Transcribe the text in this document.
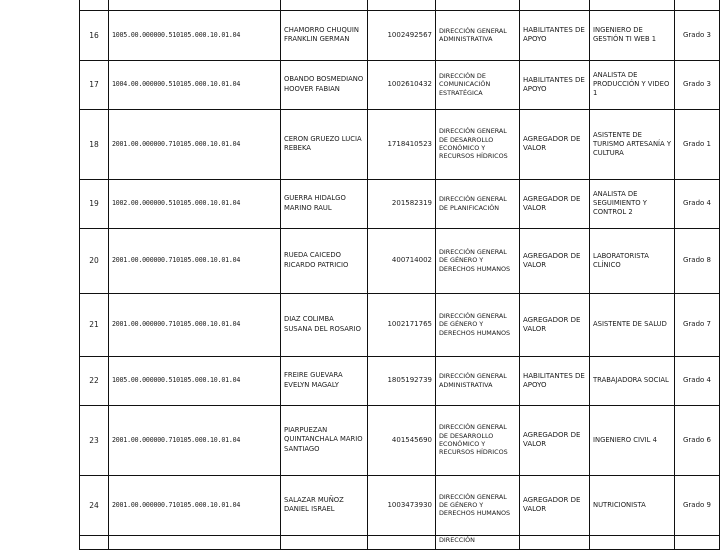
16	1005.00.000000.510105.000.10.01.04	CHAMORRO CHUQUIN FRANKLIN GERMAN	1002492567	DIRECCIÓN GENERAL ADMINISTRATIVA	HABILITANTES DE APOYO	INGENIERO DE GESTIÓN TI WEB 1	Grado 3
17	1004.00.000000.510105.000.10.01.04	OBANDO BOSMEDIANO HOOVER FABIAN	1002610432	DIRECCIÓN DE COMUNICACIÓN ESTRATÉGICA	HABILITANTES DE APOYO	ANALISTA DE PRODUCCIÓN Y VIDEO 1	Grado 3
18	2001.00.000000.710105.000.10.01.04	CERON GRUEZO LUCIA REBEKA	1718410523	DIRECCIÓN GENERAL DE DESARROLLO ECONÓMICO Y RECURSOS HÍDRICOS	AGREGADOR DE VALOR	ASISTENTE DE TURISMO ARTESANÍA Y CULTURA	Grado 1
19	1002.00.000000.510105.000.10.01.04	GUERRA HIDALGO MARINO RAUL	201582319	DIRECCIÓN GENERAL DE PLANIFICACIÓN	AGREGADOR DE VALOR	ANALISTA DE SEGUIMIENTO Y CONTROL 2	Grado 4
20	2001.00.000000.710105.000.10.01.04	RUEDA CAICEDO RICARDO PATRICIO	400714002	DIRECCIÓN GENERAL DE GÉNERO Y DERECHOS HUMANOS	AGREGADOR DE VALOR	LABORATORISTA CLÍNICO	Grado 8
21	2001.00.000000.710105.000.10.01.04	DIAZ COLIMBA SUSANA DEL ROSARIO	1002171765	DIRECCIÓN GENERAL DE GÉNERO Y DERECHOS HUMANOS	AGREGADOR DE VALOR	ASISTENTE DE SALUD	Grado 7
22	1005.00.000000.510105.000.10.01.04	FREIRE GUEVARA EVELYN MAGALY	1805192739	DIRECCIÓN GENERAL ADMINISTRATIVA	HABILITANTES DE APOYO	TRABAJADORA SOCIAL	Grado 4
23	2001.00.000000.710105.000.10.01.04	PIARPUEZAN QUINTANCHALA MARIO SANTIAGO	401545690	DIRECCIÓN GENERAL DE DESARROLLO ECONÓMICO Y RECURSOS HÍDRICOS	AGREGADOR DE VALOR	INGENIERO CIVIL 4	Grado 6
24	2001.00.000000.710105.000.10.01.04	SALAZAR MUÑOZ DANIEL ISRAEL	1003473930	DIRECCIÓN GENERAL DE GÉNERO Y DERECHOS HUMANOS	AGREGADOR DE VALOR	NUTRICIONISTA	Grado 9
				DIRECCIÓN			
